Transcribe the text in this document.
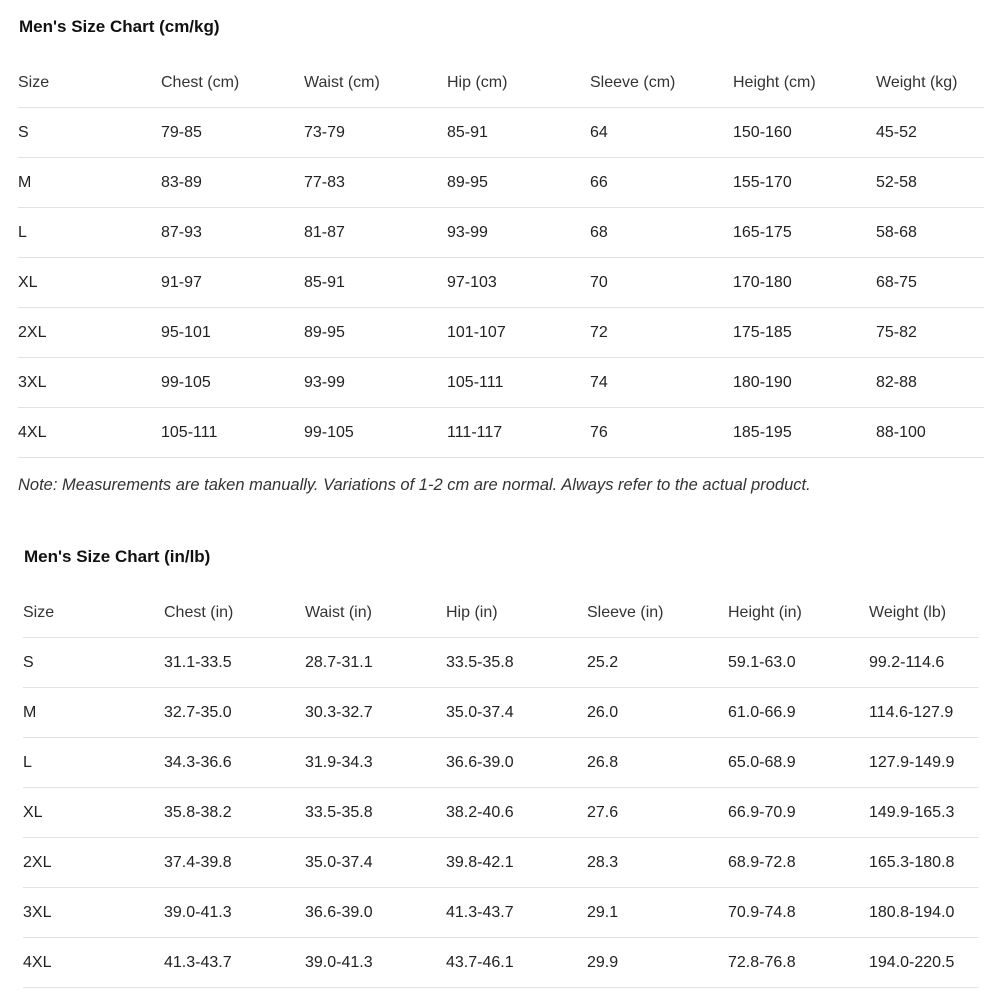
Men's Size Chart (cm/kg)
Size	Chest (cm)	Waist (cm)	Hip (cm)	Sleeve (cm)	Height (cm)	Weight (kg)
S	79-85	73-79	85-91	64	150-160	45-52
M	83-89	77-83	89-95	66	155-170	52-58
L	87-93	81-87	93-99	68	165-175	58-68
XL	91-97	85-91	97-103	70	170-180	68-75
2XL	95-101	89-95	101-107	72	175-185	75-82
3XL	99-105	93-99	105-111	74	180-190	82-88
4XL	105-111	99-105	111-117	76	185-195	88-100
Note: Measurements are taken manually. Variations of 1-2 cm are normal. Always refer to the actual product.
Men's Size Chart (in/lb)
Size	Chest (in)	Waist (in)	Hip (in)	Sleeve (in)	Height (in)	Weight (lb)
S	31.1-33.5	28.7-31.1	33.5-35.8	25.2	59.1-63.0	99.2-114.6
M	32.7-35.0	30.3-32.7	35.0-37.4	26.0	61.0-66.9	114.6-127.9
L	34.3-36.6	31.9-34.3	36.6-39.0	26.8	65.0-68.9	127.9-149.9
XL	35.8-38.2	33.5-35.8	38.2-40.6	27.6	66.9-70.9	149.9-165.3
2XL	37.4-39.8	35.0-37.4	39.8-42.1	28.3	68.9-72.8	165.3-180.8
3XL	39.0-41.3	36.6-39.0	41.3-43.7	29.1	70.9-74.8	180.8-194.0
4XL	41.3-43.7	39.0-41.3	43.7-46.1	29.9	72.8-76.8	194.0-220.5
